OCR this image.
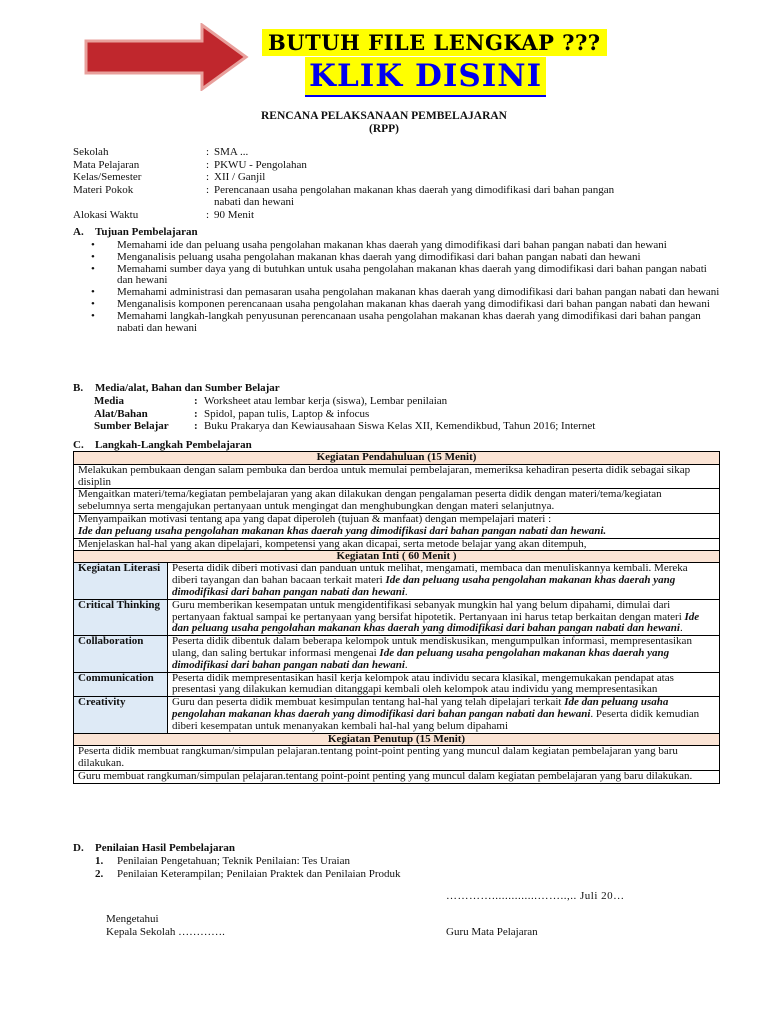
BUTUH FILE LENGKAP ???
KLIK DISINI
RENCANA PELAKSANAAN PEMBELAJARAN
(RPP)
Sekolah	: SMA ...
Mata Pelajaran	: PKWU - Pengolahan
Kelas/Semester	: XII / Ganjil
Materi Pokok	: Perencanaan usaha pengolahan makanan khas daerah yang dimodifikasi dari bahan pangan nabati dan hewani
Alokasi Waktu	: 90 Menit
A. Tujuan Pembelajaran
• Memahami ide dan peluang usaha pengolahan makanan khas daerah yang dimodifikasi dari bahan pangan nabati dan hewani
• Menganalisis peluang usaha pengolahan makanan khas daerah yang dimodifikasi dari bahan pangan nabati dan hewani
• Memahami sumber daya yang di butuhkan untuk usaha pengolahan makanan khas daerah yang dimodifikasi dari bahan pangan nabati dan hewani
• Memahami administrasi dan pemasaran usaha pengolahan makanan khas daerah yang dimodifikasi dari bahan pangan nabati dan hewani
• Menganalisis komponen perencanaan usaha pengolahan makanan khas daerah yang dimodifikasi dari bahan pangan nabati dan hewani
• Memahami langkah-langkah penyusunan perencanaan usaha pengolahan makanan khas daerah yang dimodifikasi dari bahan pangan nabati dan hewani
B. Media/alat, Bahan dan Sumber Belajar
Media	: Worksheet atau lembar kerja (siswa), Lembar penilaian
Alat/Bahan	: Spidol, papan tulis, Laptop & infocus
Sumber Belajar	: Buku Prakarya dan Kewiausahaan Siswa Kelas XII, Kemendikbud, Tahun 2016; Internet
C. Langkah-Langkah Pembelajaran
Kegiatan Pendahuluan (15 Menit)	
Melakukan pembukaan dengan salam pembuka dan berdoa untuk memulai pembelajaran, memeriksa kehadiran peserta didik sebagai sikap disiplin	
Mengaitkan materi/tema/kegiatan pembelajaran yang akan dilakukan dengan pengalaman peserta didik dengan materi/tema/kegiatan sebelumnya serta mengajukan pertanyaan untuk mengingat dan menghubungkan dengan materi selanjutnya.	
Menyampaikan motivasi tentang apa yang dapat diperoleh (tujuan & manfaat) dengan mempelajari materi :
Ide dan peluang usaha pengolahan makanan khas daerah yang dimodifikasi dari bahan pangan nabati dan hewani.	

Menjelaskan hal-hal yang akan dipelajari, kompetensi yang akan dicapai, serta metode belajar yang akan ditempuh,	

Kegiatan Inti ( 60 Menit )	
Kegiatan Literasi	Peserta didik diberi motivasi dan panduan untuk melihat, mengamati, membaca dan menuliskannya kembali. Mereka diberi tayangan dan bahan bacaan terkait materi Ide dan peluang usaha pengolahan makanan khas daerah yang dimodifikasi dari bahan pangan nabati dan hewani.
Critical Thinking	Guru memberikan kesempatan untuk mengidentifikasi sebanyak mungkin hal yang belum dipahami, dimulai dari pertanyaan faktual sampai ke pertanyaan yang bersifat hipotetik. Pertanyaan ini harus tetap berkaitan dengan materi Ide dan peluang usaha pengolahan makanan khas daerah yang dimodifikasi dari bahan pangan nabati dan hewani.
Collaboration	Peserta didik dibentuk dalam beberapa kelompok untuk mendiskusikan, mengumpulkan informasi, mempresentasikan ulang, dan saling bertukar informasi mengenai Ide dan peluang usaha pengolahan makanan khas daerah yang dimodifikasi dari bahan pangan nabati dan hewani.
Communication	Peserta didik mempresentasikan hasil kerja kelompok atau individu secara klasikal, mengemukakan pendapat atas presentasi yang dilakukan kemudian ditanggapi kembali oleh kelompok atau individu yang mempresentasikan
Creativity	Guru dan peserta didik membuat kesimpulan tentang hal-hal yang telah dipelajari terkait Ide dan peluang usaha pengolahan makanan khas daerah yang dimodifikasi dari bahan pangan nabati dan hewani. Peserta didik kemudian diberi kesempatan untuk menanyakan kembali hal-hal yang belum dipahami
Kegiatan Penutup (15 Menit)	
Peserta didik membuat rangkuman/simpulan pelajaran.tentang point-point penting yang muncul dalam kegiatan pembelajaran yang baru dilakukan.	
Guru membuat rangkuman/simpulan pelajaran.tentang point-point penting yang muncul dalam kegiatan pembelajaran yang baru dilakukan.	
D. Penilaian Hasil Pembelajaran
1.	Penilaian Pengetahuan; Teknik Penilaian: Tes Uraian
2.	Penilaian Keterampilan; Penilaian Praktek dan Penilaian Produk
…………..............……..,.. Juli 20…
Mengetahui
Kepala Sekolah ………….	Guru Mata Pelajaran
